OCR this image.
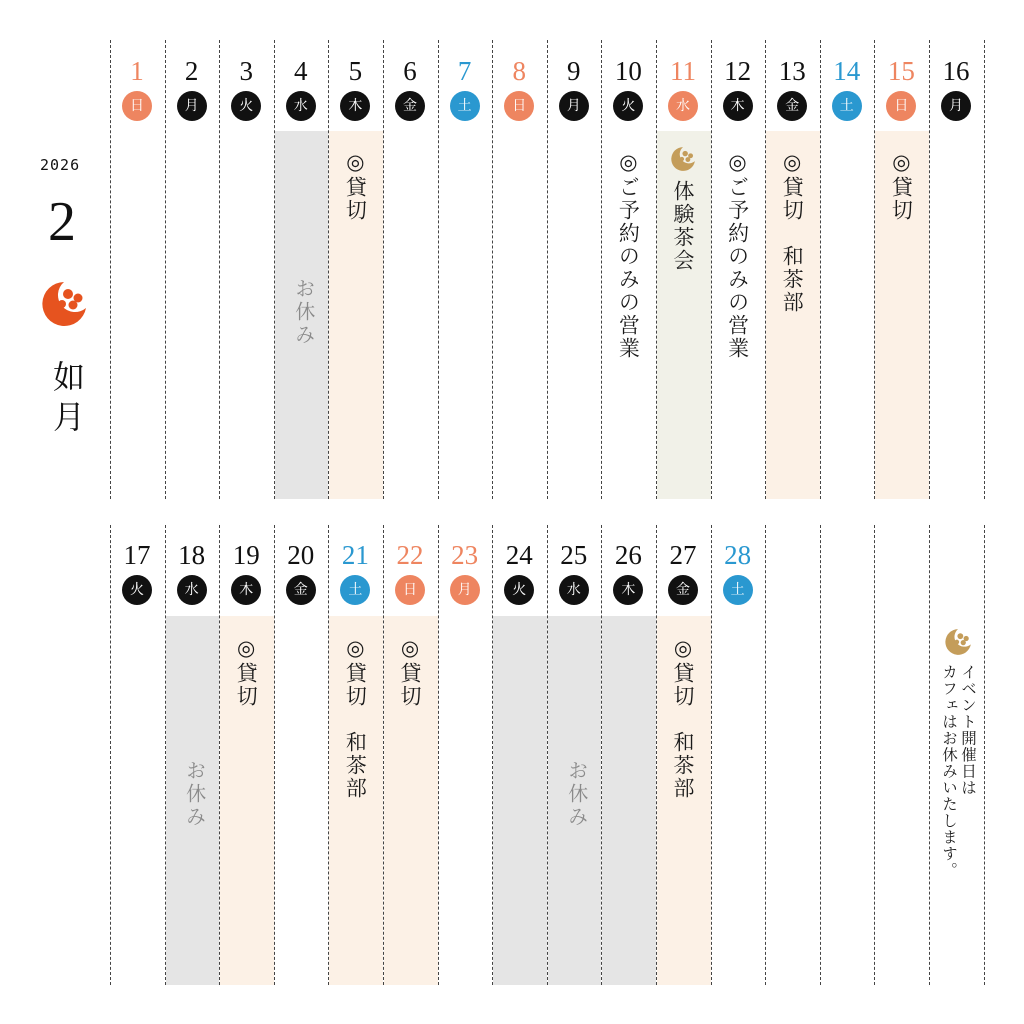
2026
2
如月
1
日
2
月
3
火
4
水
お休み
5
木
◎貸切
6
金
7
土
8
日
9
月
10
火
◎ご予約のみの営業
11
水
体験茶会
12
木
◎ご予約のみの営業
13
金
◎貸切　和茶部
14
土
15
日
◎貸切
16
月
17
火
18
水
お休み
19
木
◎貸切
20
金
21
土
◎貸切　和茶部
22
日
◎貸切
23
月
24
火
25
水
お休み
26
木
27
金
◎貸切　和茶部
28
土
イベント開催日は
カフェはお休みいたします。
